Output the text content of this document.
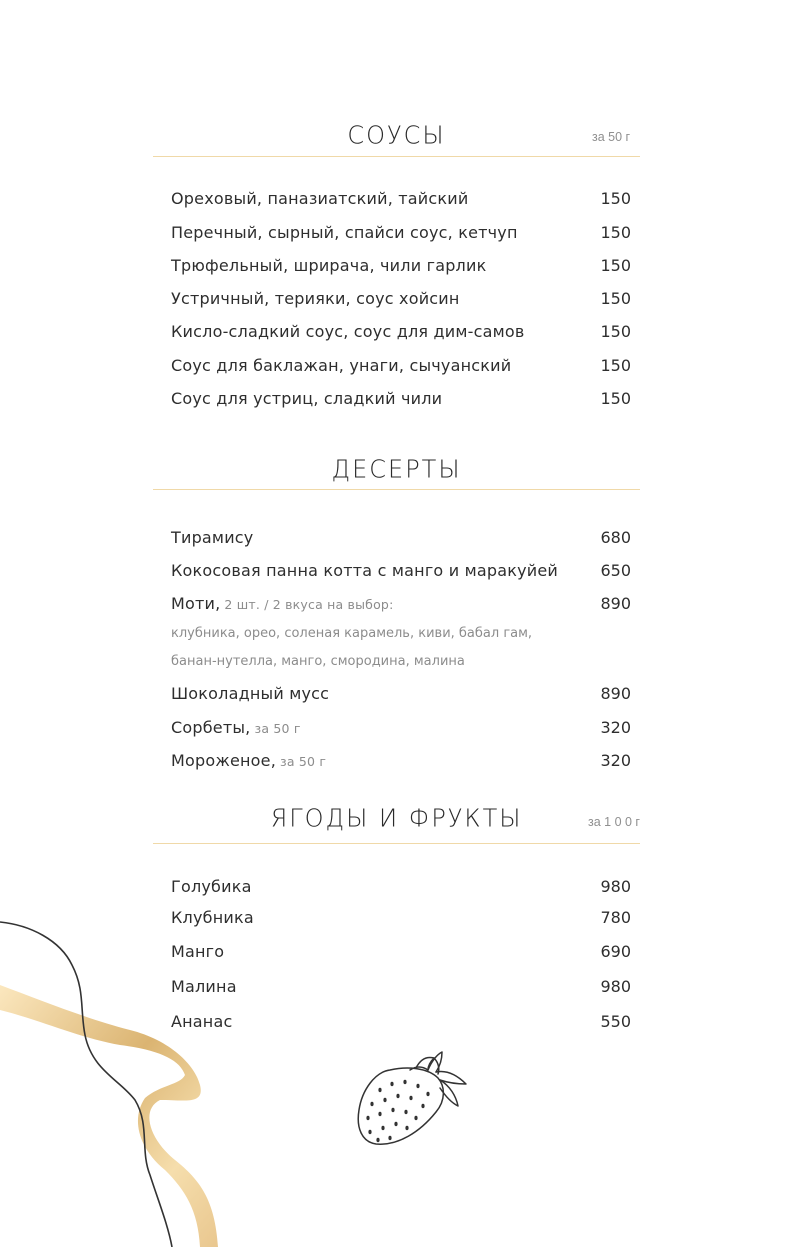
СОУСЫ	за 50 г
Ореховый, паназиатский, тайский	150
Перечный, сырный, спайси соус, кетчуп	150
Трюфельный, шрирача, чили гарлик	150
Устричный, терияки, соус хойсин	150
Кисло-сладкий соус, соус для дим-самов	150
Соус для баклажан, унаги, сычуанский	150
Соус для устриц, сладкий чили	150
ДЕСЕРТЫ
Тирамису	680
Кокосовая панна котта с манго и маракуйей	650
Моти, 2 шт. / 2 вкуса на выбор:	890
клубника, орео, соленая карамель, киви, бабал гам,
банан-нутелла, манго, смородина, малина
Шоколадный мусс	890
Сорбеты, за 50 г	320
Мороженое, за 50 г	320
ЯГОДЫ И ФРУКТЫ	за 1 0 0 г
Голубика	980
Клубника	780
Манго	690
Малина	980
Ананас	550
